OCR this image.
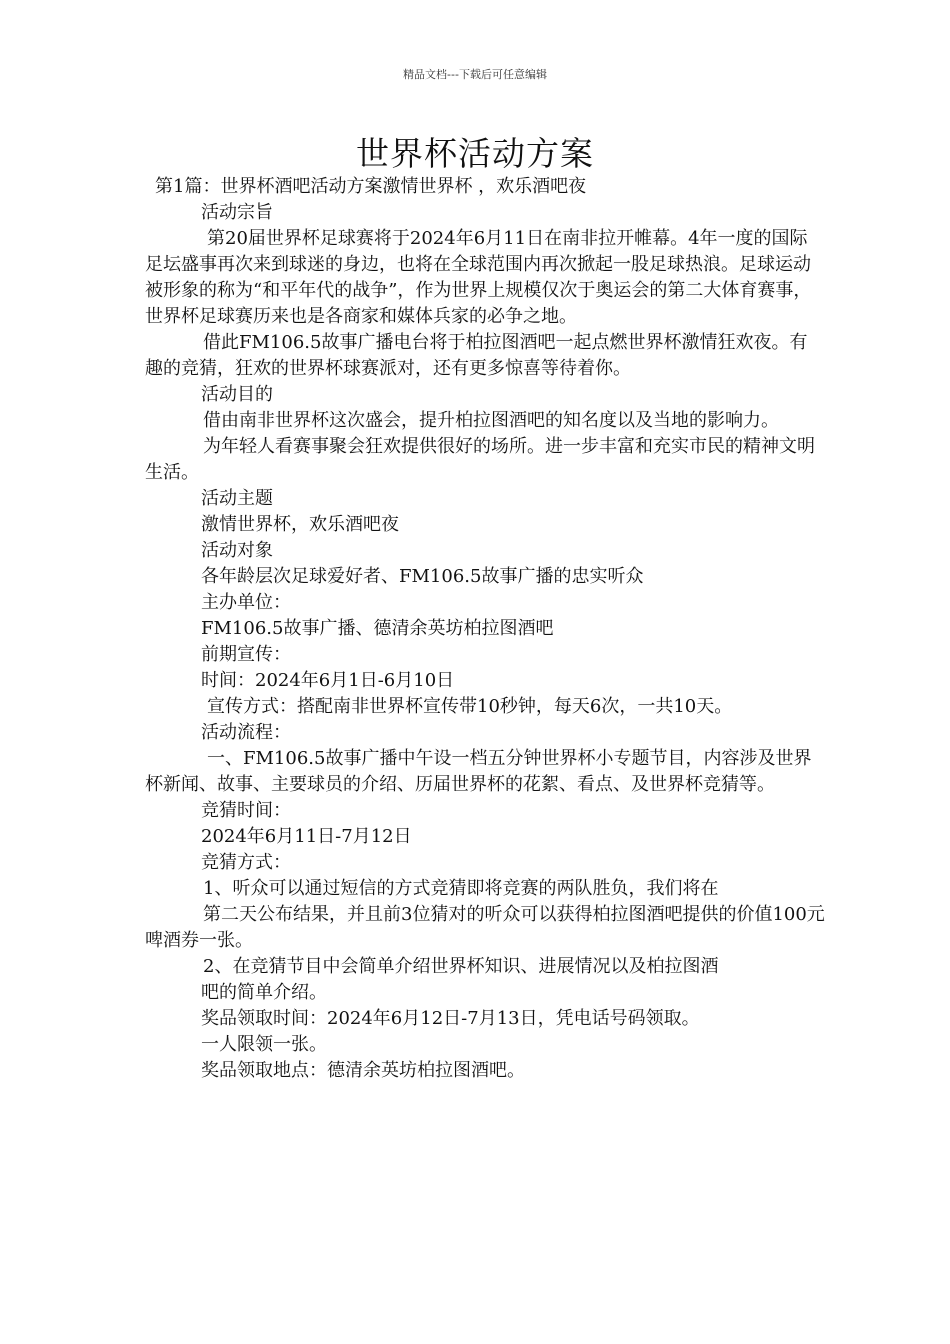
精品文档---下载后可任意编辑
世界杯活动方案

第1篇：世界杯酒吧活动方案激情世界杯 ，欢乐酒吧夜

活动宗旨

第20届世界杯足球赛将于2024年6月11日在南非拉开帷幕。4年一度的国际足坛盛事再次来到球迷的身边，也将在全球范围内再次掀起一股足球热浪。足球运动被形象的称为“和平年代的战争”，作为世界上规模仅次于奥运会的第二大体育赛事，世界杯足球赛历来也是各商家和媒体兵家的必争之地。

借此FM106.5故事广播电台将于柏拉图酒吧一起点燃世界杯激情狂欢夜。有趣的竞猜，狂欢的世界杯球赛派对，还有更多惊喜等待着你。

活动目的

借由南非世界杯这次盛会，提升柏拉图酒吧的知名度以及当地的影响力。

为年轻人看赛事聚会狂欢提供很好的场所。进一步丰富和充实市民的精神文明生活。

活动主题

激情世界杯，欢乐酒吧夜

活动对象

各年龄层次足球爱好者、FM106.5故事广播的忠实听众

主办单位：

FM106.5故事广播、德清余英坊柏拉图酒吧

前期宣传：

时间：2024年6月1日-6月10日

宣传方式：搭配南非世界杯宣传带10秒钟，每天6次，一共10天。

活动流程：

一、FM106.5故事广播中午设一档五分钟世界杯小专题节目，内容涉及世界杯新闻、故事、主要球员的介绍、历届世界杯的花絮、看点、及世界杯竞猜等。

竞猜时间：

2024年6月11日-7月12日

竞猜方式：

1、听众可以通过短信的方式竞猜即将竞赛的两队胜负，我们将在

第二天公布结果，并且前3位猜对的听众可以获得柏拉图酒吧提供的价值100元啤酒券一张。

2、在竞猜节目中会简单介绍世界杯知识、进展情况以及柏拉图酒

吧的简单介绍。

奖品领取时间：2024年6月12日-7月13日，凭电话号码领取。

一人限领一张。

奖品领取地点：德清余英坊柏拉图酒吧。
